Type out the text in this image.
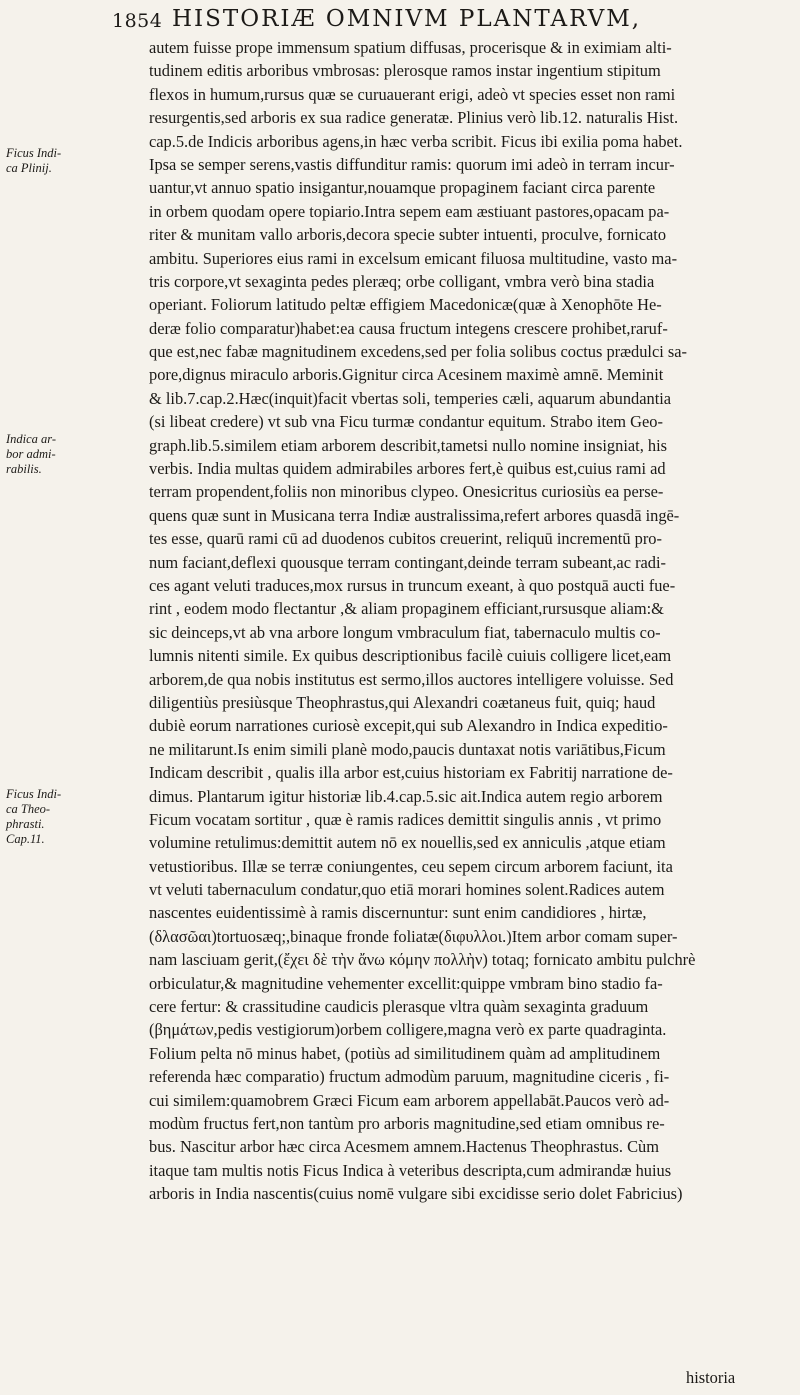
1854 HISTORIÆ OMNIVM PLANTARVM,
Ficus Indi-
ca Plinij.
Indica ar-
bor admi-
rabilis.
Ficus Indi-
ca Theo-
phrasti.
Cap.11.
autem fuisse prope immensum spatium diffusas, procerisque & in eximiam alti-
tudinem editis arboribus vmbrosas: plerosque ramos instar ingentium stipitum
flexos in humum,rursus quæ se curuauerant erigi, adeò vt species esset non rami
resurgentis,sed arboris ex sua radice generatæ. Plinius verò lib.12. naturalis Hist.
cap.5.de Indicis arboribus agens,in hæc verba scribit. Ficus ibi exilia poma habet.
Ipsa se semper serens,vastis diffunditur ramis: quorum imi adeò in terram incur-
uantur,vt annuo spatio insigantur,nouamque propaginem faciant circa parente
in orbem quodam opere topiario.Intra sepem eam æstiuant pastores,opacam pa-
riter & munitam vallo arboris,decora specie subter intuenti, proculve, fornicato
ambitu. Superiores eius rami in excelsum emicant filuosa multitudine, vasto ma-
tris corpore,vt sexaginta pedes pleræq; orbe colligant, vmbra verò bina stadia
operiant. Foliorum latitudo peltæ effigiem Macedonicæ(quæ à Xenophōte He-
deræ folio comparatur)habet:ea causa fructum integens crescere prohibet,raruf-
que est,nec fabæ magnitudinem excedens,sed per folia solibus coctus prædulci sa-
pore,dignus miraculo arboris.Gignitur circa Acesinem maximè amnē. Meminit
& lib.7.cap.2.Hæc(inquit)facit vbertas soli, temperies cæli, aquarum abundantia
(si libeat credere) vt sub vna Ficu turmæ condantur equitum. Strabo item Geo-
graph.lib.5.similem etiam arborem describit,tametsi nullo nomine insigniat, his
verbis. India multas quidem admirabiles arbores fert,è quibus est,cuius rami ad
terram propendent,foliis non minoribus clypeo. Onesicritus curiosiùs ea perse-
quens quæ sunt in Musicana terra Indiæ australissima,refert arbores quasdā ingē-
tes esse, quarū rami cū ad duodenos cubitos creuerint, reliquū incrementū pro-
num faciant,deflexi quousque terram contingant,deinde terram subeant,ac radi-
ces agant veluti traduces,mox rursus in truncum exeant, à quo postquā aucti fue-
rint , eodem modo flectantur ,& aliam propaginem efficiant,rursusque aliam:&
sic deinceps,vt ab vna arbore longum vmbraculum fiat, tabernaculo multis co-
lumnis nitenti simile. Ex quibus descriptionibus facilè cuiuis colligere licet,eam
arborem,de qua nobis institutus est sermo,illos auctores intelligere voluisse. Sed
diligentiùs presiùsque Theophrastus,qui Alexandri coætaneus fuit, quiq; haud
dubiè eorum narrationes curiosè excepit,qui sub Alexandro in Indica expeditio-
ne militarunt.Is enim simili planè modo,paucis duntaxat notis variātibus,Ficum
Indicam describit , qualis illa arbor est,cuius historiam ex Fabritij narratione de-
dimus. Plantarum igitur historiæ lib.4.cap.5.sic ait.Indica autem regio arborem
Ficum vocatam sortitur , quæ è ramis radices demittit singulis annis , vt primo
volumine retulimus:demittit autem nō ex nouellis,sed ex anniculis ,atque etiam
vetustioribus. Illæ se terræ coniungentes, ceu sepem circum arborem faciunt, ita
vt veluti tabernaculum condatur,quo etiā morari homines solent.Radices autem
nascentes euidentissimè à ramis discernuntur: sunt enim candidiores , hirtæ,
(δλασῶαι)tortuosæq;,binaque fronde foliatæ(διφυλλοι.)Item arbor comam super-
nam lasciuam gerit,(ἔχει δὲ τὴν ἄνω κόμην πολλὴν) totaq; fornicato ambitu pulchrè
orbiculatur,& magnitudine vehementer excellit:quippe vmbram bino stadio fa-
cere fertur: & crassitudine caudicis plerasque vltra quàm sexaginta graduum
(βημάτων,pedis vestigiorum)orbem colligere,magna verò ex parte quadraginta.
Folium pelta nō minus habet, (potiùs ad similitudinem quàm ad amplitudinem
referenda hæc comparatio) fructum admodùm paruum, magnitudine ciceris , fi-
cui similem:quamobrem Græci Ficum eam arborem appellabāt.Paucos verò ad-
modùm fructus fert,non tantùm pro arboris magnitudine,sed etiam omnibus re-
bus. Nascitur arbor hæc circa Acesmem amnem.Hactenus Theophrastus. Cùm
itaque tam multis notis Ficus Indica à veteribus descripta,cum admirandæ huius
arboris in India nascentis(cuius nomē vulgare sibi excidisse serio dolet Fabricius)
historia
